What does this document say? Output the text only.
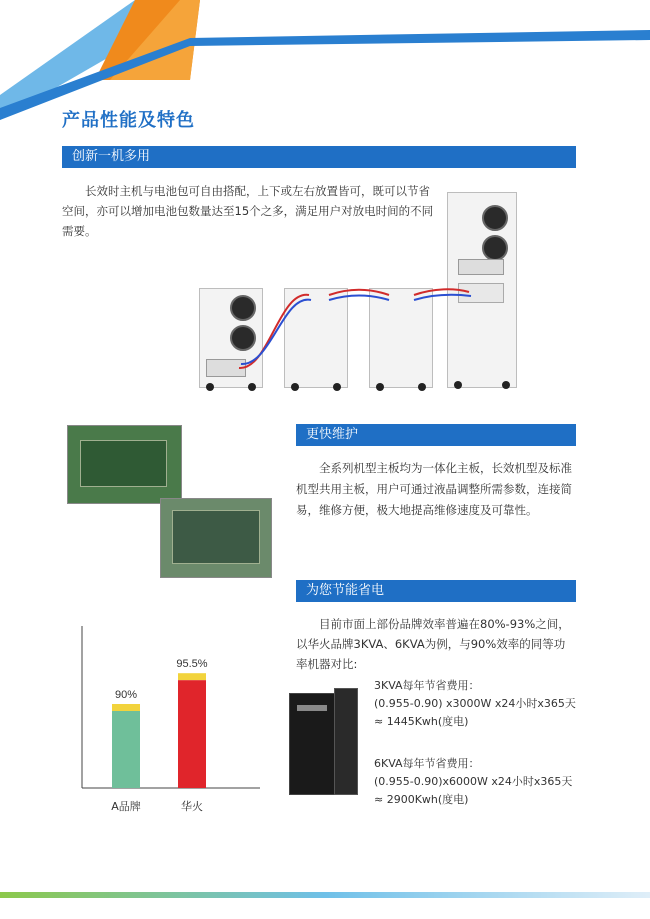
产品性能及特色
创新一机多用

长效时主机与电池包可自由搭配，上下或左右放置皆可，既可以节省空间，亦可以增加电池包数量达至15个之多，满足用户对放电时间的不同需要。

更快维护

全系列机型主板均为一体化主板，长效机型及标准机型共用主板，用户可通过液晶调整所需参数，连接简易，维修方便，极大地提高维修速度及可靠性。

为您节能省电

目前市面上部份品牌效率普遍在80%-93%之间，以华火品牌3KVA、6KVA为例，与90%效率的同等功率机器对比:

90%
A品牌
95.5%
华火
3KVA每年节省费用：
(0.955-0.90) x3000W x24小时x365天
≈ 1445Kwh(度电)
6KVA每年节省费用：
(0.955-0.90)x6000W x24小时x365天
≈ 2900Kwh(度电)
